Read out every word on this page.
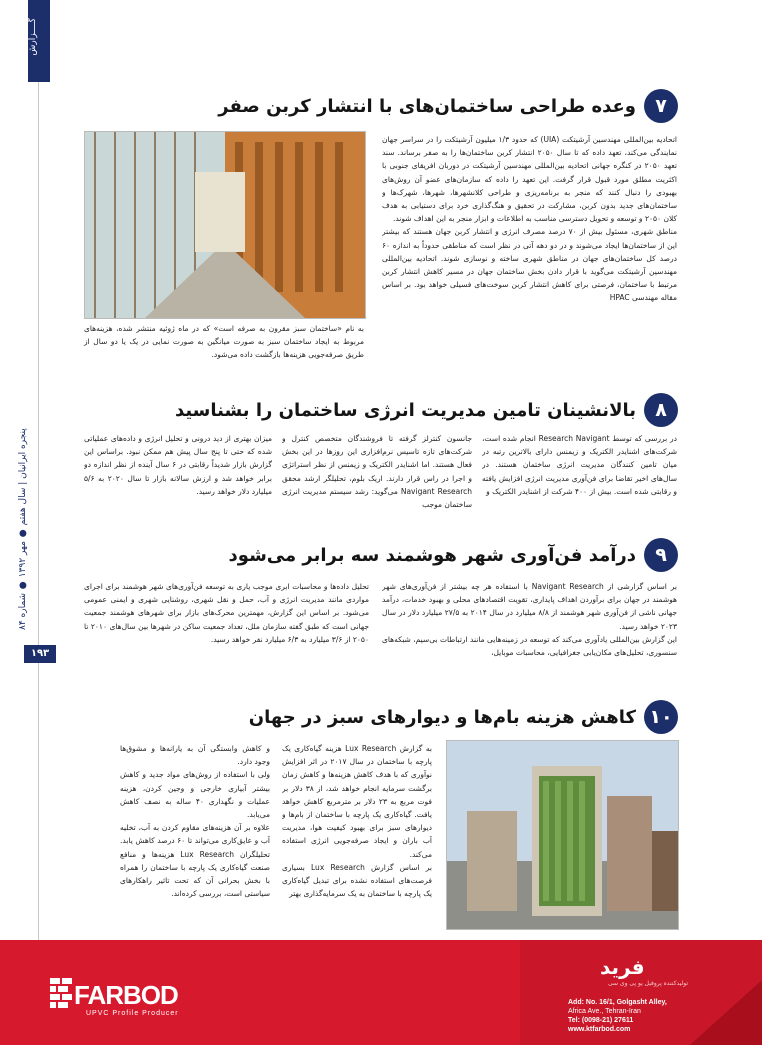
گــــزارش
پنجره ایرانیان | سال هفتم ● مهر ۱۳۹۲ ● شماره ۸۴
۱۹۳
۷
وعده طراحی ساختمان‌های با انتشار کربن صفر

اتحادیه بین‌المللی مهندسین آرشیتکت (UIA) که حدود ۱/۳ میلیون آرشیتکت را در سراسر جهان نمایندگی می‌کند، تعهد داده که تا سال ۲۰۵۰ انتشار کربن ساختمان‌ها را به صفر برساند. سند تعهد ۲۰۵۰ در کنگره جهانی اتحادیه بین‌المللی مهندسین آرشیتکت در دوربان افریقای جنوبی با اکثریت مطلق مورد قبول قرار گرفت. این تعهد را داده که سازمان‌های عضو آن روش‌های بهبودی را دنبال کنند که منجر به برنامه‌ریزی و طراحی کلانشهرها، شهرها، شهرک‌ها و ساختمان‌های جدید بدون کربن، مشارکت در تحقیق و هنگ‌گذاری خرد برای دستیابی به هدف کلان ۲۰۵۰ و توسعه و تحویل دسترسی مناسب به اطلاعات و ابزار منجر به این اهداف شوند.

مناطق شهری، مسئول بیش از ۷۰ درصد مصرف انرژی و انتشار کربن جهان هستند که بیشتر این از ساختمان‌ها ایجاد می‌شوند و در دو دهه آتی در نظر است که مناطقی حدوداً به اندازه ۶۰ درصد کل ساختمان‌های جهان در مناطق شهری ساخته و نوسازی شوند. اتحادیه بین‌المللی مهندسین آرشیتکت می‌گوید با قرار دادن بخش ساختمان جهان در مسیر کاهش انتشار کربن مرتبط با ساختمان، فرصتی برای کاهش انتشار کربن سوخت‌های فسیلی خواهد بود. بر اساس مقاله مهندسی HPAC

به نام «ساختمان سبز مقرون به صرفه است» که در ماه ژوئیه منتشر شده، هزینه‌های مربوط به ایجاد ساختمان سبز به صورت میانگین به صورت نمایی در یک یا دو سال از طریق صرفه‌جویی هزینه‌ها بازگشت داده می‌شود.
۸
بالانشینان تامین مدیریت انرژی ساختمان را بشناسید
در بررسی که توسط Research Navigant انجام شده است، شرکت‌های اشنایدر الکتریک و زیمنس دارای بالاترین رتبه در میان تامین کنندگان مدیریت انرژی ساختمان هستند. در سال‌های اخیر تقاضا برای فن‌آوری مدیریت انرژی افزایش یافته و رقابتی شده است. بیش از ۴۰۰ شرکت از اشنایدر الکتریک و
جانسون کنترلز گرفته تا فروشندگان متخصص کنترل و شرکت‌های تازه تاسیس نرم‌افزاری این روزها در این بخش فعال هستند. اما اشنایدر الکتریک و زیمنس از نظر استراتژی و اجرا در راس قرار دارند. اریک بلوم، تحلیلگر ارشد محقق Navigant Research می‌گوید: رشد سیستم مدیریت انرژی ساختمان موجب
میزان بهتری از دید درونی و تحلیل انرژی و داده‌های عملیاتی شده که حتی تا پنج سال پیش هم ممکن نبود. براساس این گزارش بازار شدیداً رقابتی در ۶ سال آینده از نظر اندازه دو برابر خواهد شد و ارزش سالانه بازار تا سال ۲۰۲۰ به ۵/۶ میلیارد دلار خواهد رسید.
۹
درآمد فن‌آوری شهر هوشمند سه برابر می‌شود

بر اساس گزارشی از Navigant Research با استفاده هر چه بیشتر از فن‌آوری‌های شهر هوشمند در جهان برای برآوردن اهداف پایداری، تقویت اقتصادهای محلی و بهبود خدمات، درآمد جهانی ناشی از فن‌آوری شهر هوشمند از ۸/۸ میلیارد در سال ۲۰۱۴ به ۲۷/۵ میلیارد دلار در سال ۲۰۲۳ خواهد رسید.

این گزارش بین‌المللی یادآوری می‌کند که توسعه در زمینه‌هایی مانند ارتباطات بی‌سیم، شبکه‌های سنسوری، تحلیل‌های مکان‌یابی جغرافیایی، محاسبات موبایل،

تحلیل داده‌ها و محاسبات ابری موجب یاری به توسعه فن‌آوری‌های شهر هوشمند برای اجرای مواردی مانند مدیریت انرژی و آب، حمل و نقل شهری، روشنایی شهری و ایمنی عمومی می‌شود. بر اساس این گزارش، مهمترین محرک‌های بازار برای شهرهای هوشمند جمعیت جهانی است که طبق گفته سازمان ملل، تعداد جمعیت ساکن در شهرها بین سال‌های ۲۰۱۰ تا ۲۰۵۰ از ۳/۶ میلیارد به ۶/۳ میلیارد نفر خواهد رسید.
۱۰
کاهش هزینه بام‌ها و دیوارهای سبز در جهان

به گزارش Lux Research هزینه گیاه‌کاری یک پارچه با ساختمان در سال ۲۰۱۷ در اثر افزایش نوآوری که با هدف کاهش هزینه‌ها و کاهش زمان برگشت سرمایه انجام خواهد شد، از ۳۸ دلار بر فوت مربع به ۲۳ دلار بر مترمربع کاهش خواهد یافت. گیاه‌کاری یک پارچه با ساختمان از بام‌ها و دیوارهای سبز برای بهبود کیفیت هوا، مدیریت آب باران و ایجاد صرفه‌جویی انرژی استفاده می‌کند.

بر اساس گزارش Lux Research بسیاری فرصت‌های استفاده نشده برای تبدیل گیاه‌کاری یک پارچه با ساختمان به یک سرمایه‌گذاری بهتر

و کاهش وابستگی آن به یارانه‌ها و مشوق‌ها وجود دارد.

ولی با استفاده از روش‌های مواد جدید و کاهش بیشتر آبیاری خارجی و وجین کردن، هزینه عملیات و نگهداری ۴۰ ساله به نصف کاهش می‌یابد.

علاوه بر آن هزینه‌های مقاوم کردن به آب، تخلیه آب و عایق‌کاری می‌تواند تا ۶۰ درصد کاهش یابد. تحلیلگران Lux Research هزینه‌ها و منافع صنعت گیاه‌کاری یک پارچه با ساختمان را همراه با بخش بحرانی آن که تحت تاثیر راهکارهای سیاستی است، بررسی کرده‌اند.

FARBOD
UPVC Profile Producer
فرید
تولیدکننده پروفیل یو پی وی سی
Add: No. 16/1, Golgasht Alley,
Africa Ave., Tehran-Iran
Tel: (0098-21) 27611
www.ktfarbod.com
